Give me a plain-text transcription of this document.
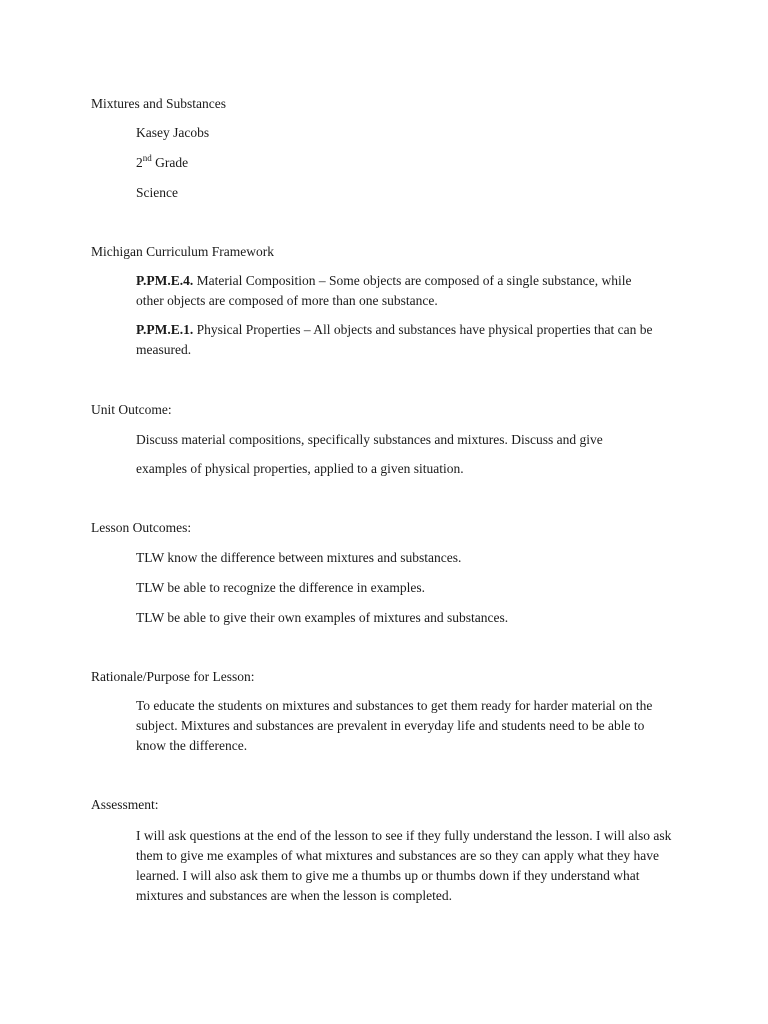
Mixtures and Substances
Kasey Jacobs
2nd Grade
Science
Michigan Curriculum Framework
P.PM.E.4. Material Composition – Some objects are composed of a single substance, while other objects are composed of more than one substance.
P.PM.E.1. Physical Properties – All objects and substances have physical properties that can be measured.
Unit Outcome:
Discuss material compositions, specifically substances and mixtures. Discuss and give examples of physical properties, applied to a given situation.
Lesson Outcomes:
TLW know the difference between mixtures and substances.
TLW be able to recognize the difference in examples.
TLW be able to give their own examples of mixtures and substances.
Rationale/Purpose for Lesson:
To educate the students on mixtures and substances to get them ready for harder material on the subject. Mixtures and substances are prevalent in everyday life and students need to be able to know the difference.
Assessment:
I will ask questions at the end of the lesson to see if they fully understand the lesson. I will also ask them to give me examples of what mixtures and substances are so they can apply what they have learned. I will also ask them to give me a thumbs up or thumbs down if they understand what mixtures and substances are when the lesson is completed.
